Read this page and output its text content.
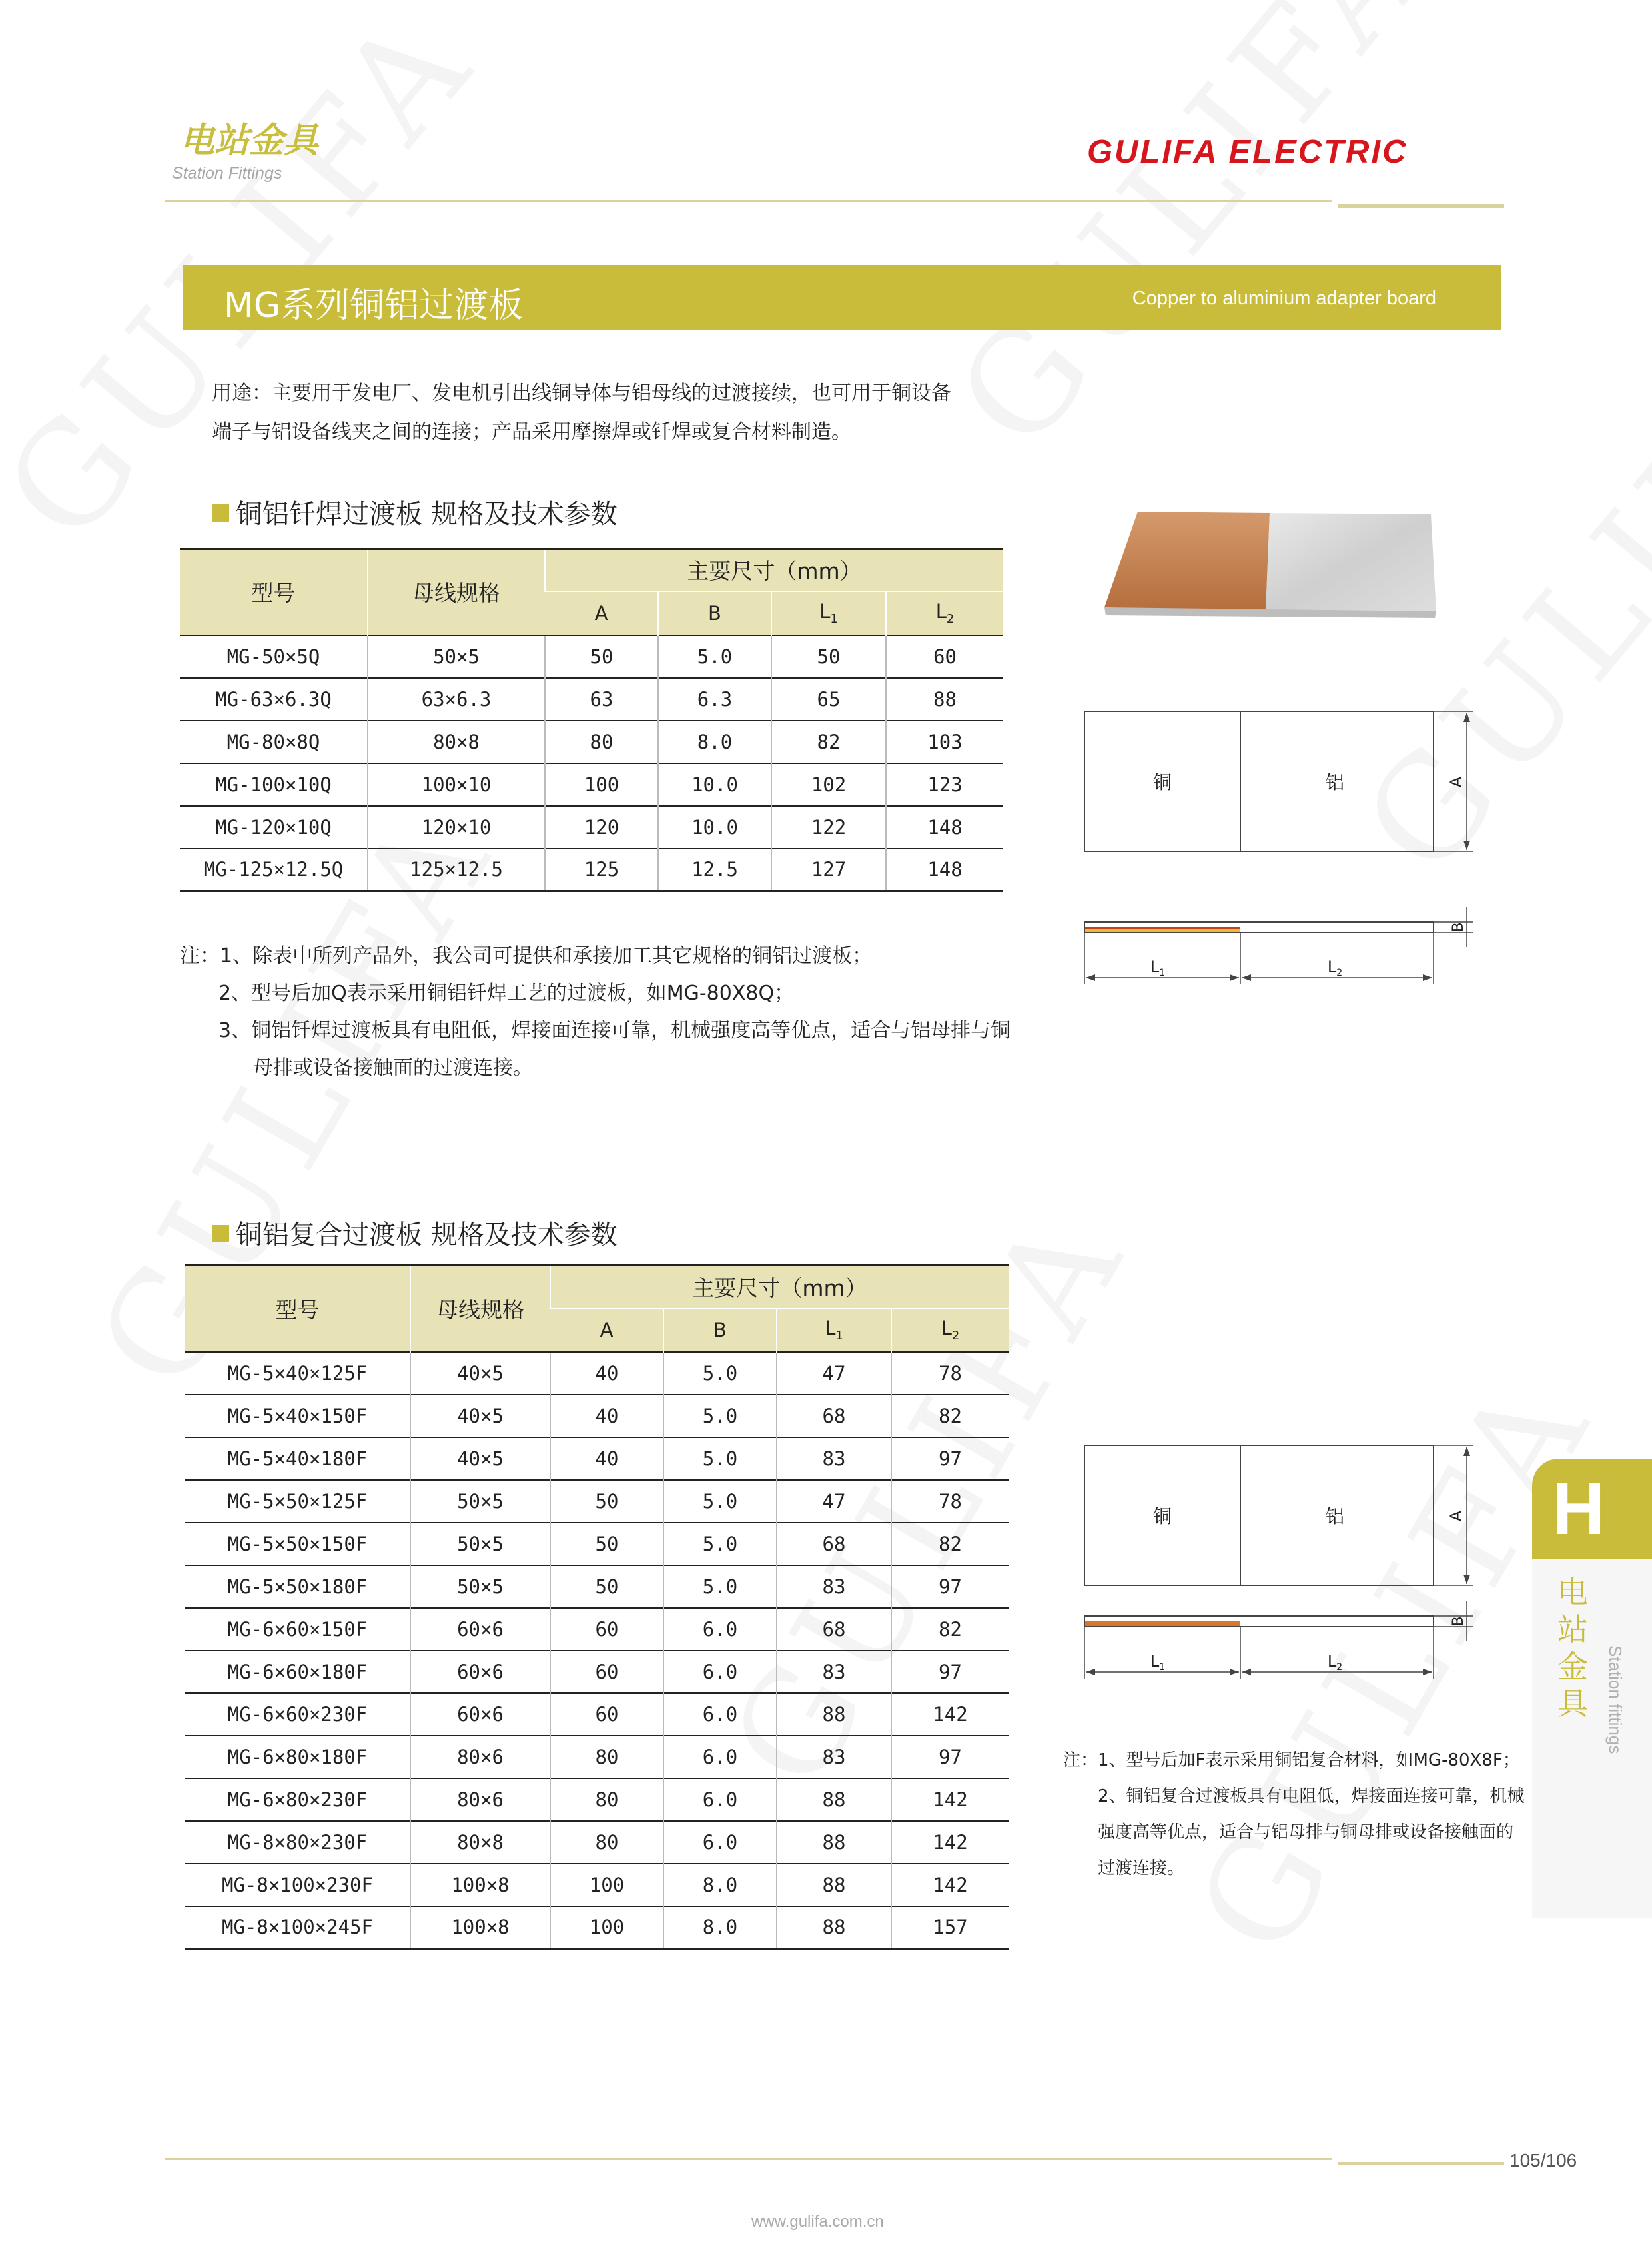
电站金具
Station Fittings
GULIFA ELECTRIC
MG系列铜铝过渡板	Copper to aluminium adapter board
用途：主要用于发电厂、发电机引出线铜导体与铝母线的过渡接续，也可用于铜设备
端子与铝设备线夹之间的连接；产品采用摩擦焊或钎焊或复合材料制造。
铜铝钎焊过渡板 规格及技术参数
型号	母线规格	主要尺寸（mm）			
		A	B	$L_1$	$L_2$
MG-50×5Q	50×5	50	5.0	50	60
MG-63×6.3Q	63×6.3	63	6.3	65	88
MG-80×8Q	80×8	80	8.0	82	103
MG-100×10Q	100×10	100	10.0	102	123
MG-120×10Q	120×10	120	10.0	122	148
MG-125×12.5Q	125×12.5	125	12.5	127	148
注：1、除表中所列产品外，我公司可提供和承接加工其它规格的铜铝过渡板；
2、型号后加Q表示采用铜铝钎焊工艺的过渡板，如MG-80X8Q；
3、铜铝钎焊过渡板具有电阻低，焊接面连接可靠，机械强度高等优点，适合与铝母排与铜
母排或设备接触面的过渡连接。
铜	铝	A
B
$L_1$	$L_2$
铜铝复合过渡板 规格及技术参数
型号	母线规格	主要尺寸（mm）			
		A	B	$L_1$	$L_2$
MG-5×40×125F	40×5	40	5.0	47	78
MG-5×40×150F	40×5	40	5.0	68	82
MG-5×40×180F	40×5	40	5.0	83	97
MG-5×50×125F	50×5	50	5.0	47	78
MG-5×50×150F	50×5	50	5.0	68	82
MG-5×50×180F	50×5	50	5.0	83	97
MG-6×60×150F	60×6	60	6.0	68	82
MG-6×60×180F	60×6	60	6.0	83	97
MG-6×60×230F	60×6	60	6.0	88	142
MG-6×80×180F	80×6	80	6.0	83	97
MG-6×80×230F	80×6	80	6.0	88	142
MG-8×80×230F	80×8	80	6.0	88	142
MG-8×100×230F	100×8	100	8.0	88	142
MG-8×100×245F	100×8	100	8.0	88	157
铜	铝	A
B
$L_1$	$L_2$
注：1、型号后加F表示采用铜铝复合材料，如MG-80X8F；
2、铜铝复合过渡板具有电阻低，焊接面连接可靠，机械
强度高等优点，适合与铝母排与铜母排或设备接触面的
过渡连接。
H
电站金具 Station fittings
105/106
www.gulifa.com.cn
